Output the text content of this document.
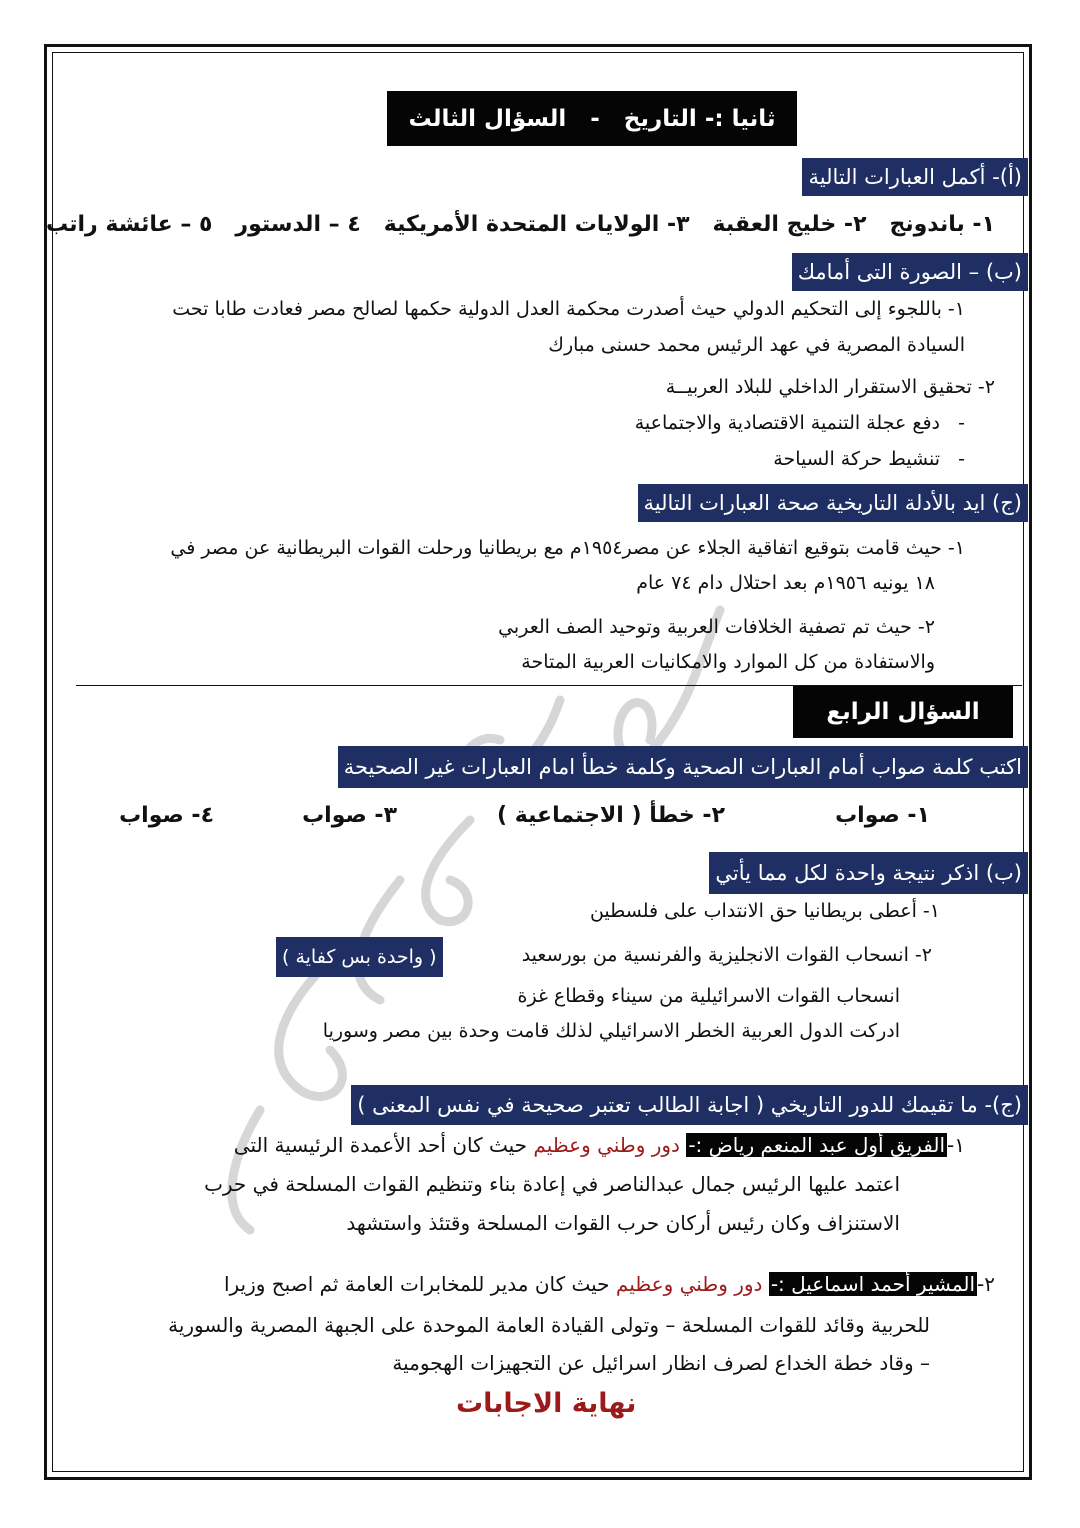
مستر / عماد زكى سعيد
ثانيا :- التاريخ   -   السؤال الثالث
(أ)- أكمل العبارات التالية
١- باندونج   ٢- خليج العقبة   ٣- الولايات المتحدة الأمريكية   ٤ – الدستور   ٥ – عائشة راتب
(ب) – الصورة التى أمامك
١- باللجوء إلى التحكيم الدولي حيث أصدرت محكمة العدل الدولية حكمها لصالح مصر فعادت طابا تحت
السيادة المصرية في عهد الرئيس محمد حسنى مبارك
٢- تحقيق الاستقرار الداخلي للبلاد العربيــة
-   دفع عجلة التنمية الاقتصادية والاجتماعية
-   تنشيط حركة السياحة
(ج) ايد بالأدلة التاريخية صحة العبارات التالية
١- حيث قامت بتوقيع اتفاقية الجلاء عن مصر١٩٥٤م مع بريطانيا ورحلت القوات البريطانية عن مصر في
١٨ يونيه ١٩٥٦م بعد احتلال دام ٧٤ عام
٢- حيث تم تصفية الخلافات العربية وتوحيد الصف العربي
والاستفادة من كل الموارد والامكانيات العربية المتاحة
السؤال الرابع
اكتب كلمة صواب أمام العبارات الصحية وكلمة خطأ امام العبارات غير الصحيحة
١- صواب
٢- خطأ ( الاجتماعية )
٣- صواب
٤- صواب
(ب) اذكر نتيجة واحدة لكل مما يأتي
١- أعطى بريطانيا حق الانتداب على فلسطين
٢- انسحاب القوات الانجليزية والفرنسية من بورسعيد
( واحدة بس كفاية )
انسحاب القوات الاسرائيلية من سيناء وقطاع غزة
ادركت الدول العربية الخطر الاسرائيلي لذلك قامت وحدة بين مصر وسوريا
(ج)- ما تقيمك للدور التاريخي ( اجابة الطالب تعتبر صحيحة في نفس المعنى )
١-الفريق أول عبد المنعم رياض :- دور وطني وعظيم حيث كان أحد الأعمدة الرئيسية التى
اعتمد عليها الرئيس جمال عبدالناصر في إعادة بناء وتنظيم القوات المسلحة في حرب
الاستنزاف وكان رئيس أركان حرب القوات المسلحة وقتئذ واستشهد
٢-المشير أحمد اسماعيل :- دور وطني وعظيم حيث كان مدير للمخابرات العامة ثم اصبح وزيرا
للحربية وقائد للقوات المسلحة – وتولى القيادة العامة الموحدة على الجبهة المصرية والسورية
– وقاد خطة الخداع لصرف انظار اسرائيل عن التجهيزات الهجومية
نهاية الاجابات
